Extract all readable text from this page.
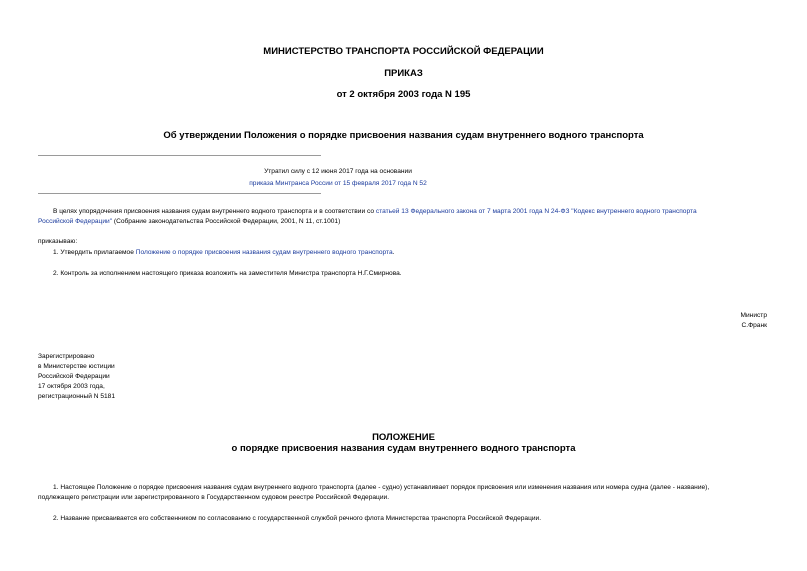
МИНИСТЕРСТВО ТРАНСПОРТА РОССИЙСКОЙ ФЕДЕРАЦИИ
ПРИКАЗ
от 2 октября 2003 года N 195
Об утверждении Положения о порядке присвоения названия судам внутреннего водного транспорта
Утратил силу с 12 июня 2017 года на основании
приказа Минтранса России от 15 февраля 2017 года N 52
В целях упорядочения присвоения названия судам внутреннего водного транспорта и в соответствии со статьей 13 Федерального закона от 7 марта 2001 года N 24-ФЗ "Кодекс внутреннего водного транспорта
Российской Федерации" (Собрание законодательства Российской Федерации, 2001, N 11, ст.1001)
приказываю:
1. Утвердить прилагаемое Положение о порядке присвоения названия судам внутреннего водного транспорта.
2. Контроль за исполнением настоящего приказа возложить на заместителя Министра транспорта Н.Г.Смирнова.
Министр
С.Франк
Зарегистрировано
в Министерстве юстиции
Российской Федерации
17 октября 2003 года,
регистрационный N 5181
ПОЛОЖЕНИЕ
о порядке присвоения названия судам внутреннего водного транспорта
1. Настоящее Положение о порядке присвоения названия судам внутреннего водного транспорта (далее - судно) устанавливает порядок присвоения или изменения названия или номера судна (далее - название),
подлежащего регистрации или зарегистрированного в Государственном судовом реестре Российской Федерации.
2. Название присваивается его собственником по согласованию с государственной службой речного флота Министерства транспорта Российской Федерации.
